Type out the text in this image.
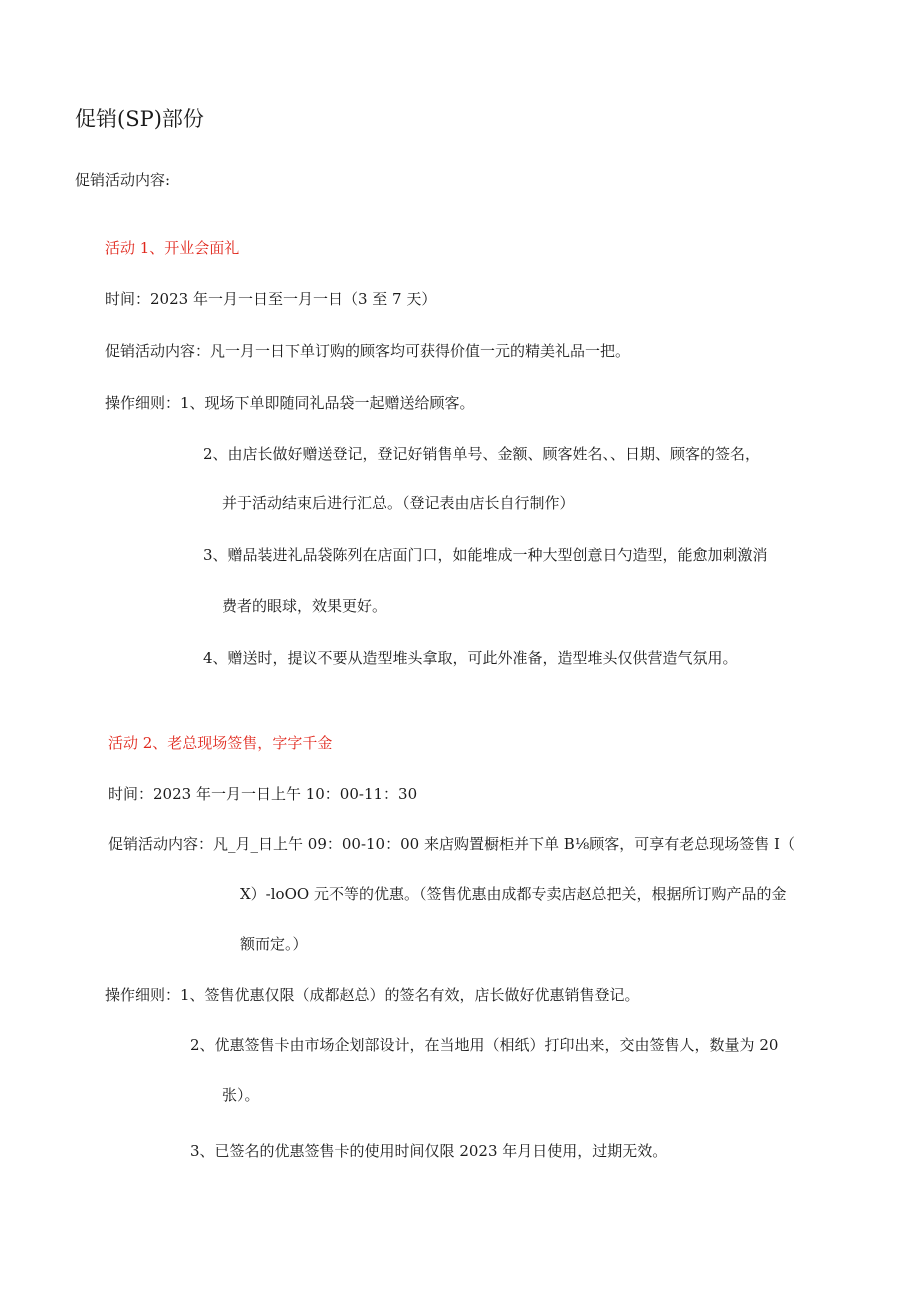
促销(SP)部份
促销活动内容:
活动 1、开业会面礼
时间：2023 年一月一日至一月一日（3 至 7 天）
促销活动内容：凡一月一日下单订购的顾客均可获得价值一元的精美礼品一把。
操作细则：1、现场下单即随同礼品袋一起赠送给顾客。
2、由店长做好赠送登记，登记好销售单号、金额、顾客姓名、、日期、顾客的签名，
并于活动结束后进行汇总。（登记表由店长自行制作）
3、赠品装进礼品袋陈列在店面门口，如能堆成一种大型创意日勺造型，能愈加刺激消
费者的眼球，效果更好。
4、赠送时，提议不要从造型堆头拿取，可此外准备，造型堆头仅供营造气氛用。
活动 2、老总现场签售，字字千金
时间：2023 年一月一日上午 10：00-11：30
促销活动内容：凡_月_日上午 09：00-10：00 来店购置橱柜并下单 B⅛顾客，可享有老总现场签售 I（
X）-loOO 元不等的优惠。（签售优惠由成都专卖店赵总把关，根据所订购产品的金
额而定。）
操作细则：1、签售优惠仅限（成都赵总）的签名有效，店长做好优惠销售登记。
2、优惠签售卡由市场企划部设计，在当地用（相纸）打印出来，交由签售人，数量为 20
张）。
3、已签名的优惠签售卡的使用时间仅限 2023 年月日使用，过期无效。
